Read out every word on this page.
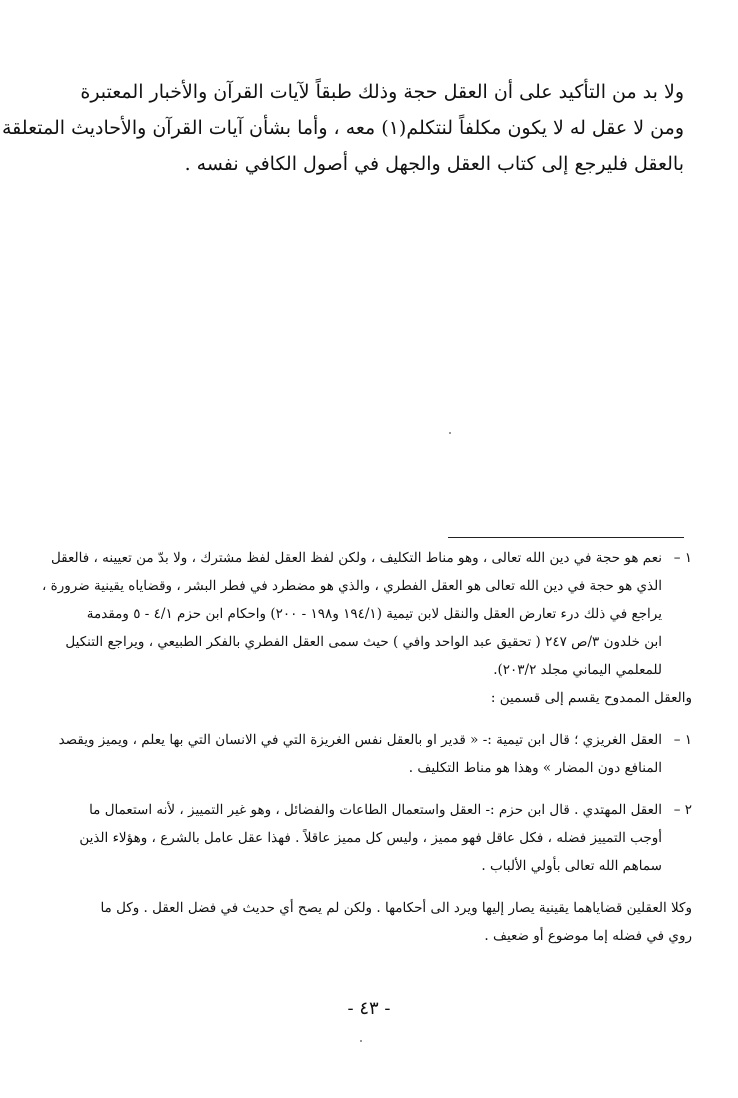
ولا بد من التأكيد على أن العقل حجة وذلك طبقاً لآيات القرآن والأخبار المعتبرة
ومن لا عقل له لا يكون مكلفاً لنتكلم(١) معه ، وأما بشأن آيات القرآن والأحاديث المتعلقة
بالعقل فليرجع إلى كتاب العقل والجهل في أصول الكافي نفسه .
١ –نعم هو حجة في دين الله تعالى ، وهو مناط التكليف ، ولكن لفظ العقل لفظ مشترك ، ولا بدّ من تعيينه ، فالعقل
الذي هو حجة في دين الله تعالى هو العقل الفطري ، والذي هو مضطرد في فطر البشر ، وقضاياه يقينية ضرورة ،
يراجع في ذلك درء تعارض العقل والنقل لابن تيمية (١٩٤/١ و١٩٨ - ٢٠٠) واحكام ابن حزم ٤/١ - ٥ ومقدمة
ابن خلدون ٣/ص ٢٤٧ ( تحقيق عبد الواحد وافي ) حيث سمى العقل الفطري بالفكر الطبيعي ، ويراجع التنكيل
للمعلمي اليماني مجلد ٢٠٣/٢).
والعقل الممدوح يقسم إلى قسمين :
١ –العقل الغريزي ؛ قال ابن تيمية :- « قدير او بالعقل نفس الغريزة التي في الانسان التي بها يعلم ، ويميز ويقصد
المنافع دون المضار » وهذا هو مناط التكليف .
٢ –العقل المهتدي . قال ابن حزم :- العقل واستعمال الطاعات والفضائل ، وهو غير التمييز ، لأنه استعمال ما
أوجب التمييز فضله ، فكل عاقل فهو مميز ، وليس كل مميز عاقلاً . فهذا عقل عامل بالشرع ، وهؤلاء الذين
سماهم الله تعالى بأولي الألباب .
وكلا العقلين قضاياهما يقينية يصار إليها ويرد الى أحكامها . ولكن لم يصح أي حديث في فضل العقل . وكل ما
روي في فضله إما موضوع أو ضعيف .
- ٤٣ -
